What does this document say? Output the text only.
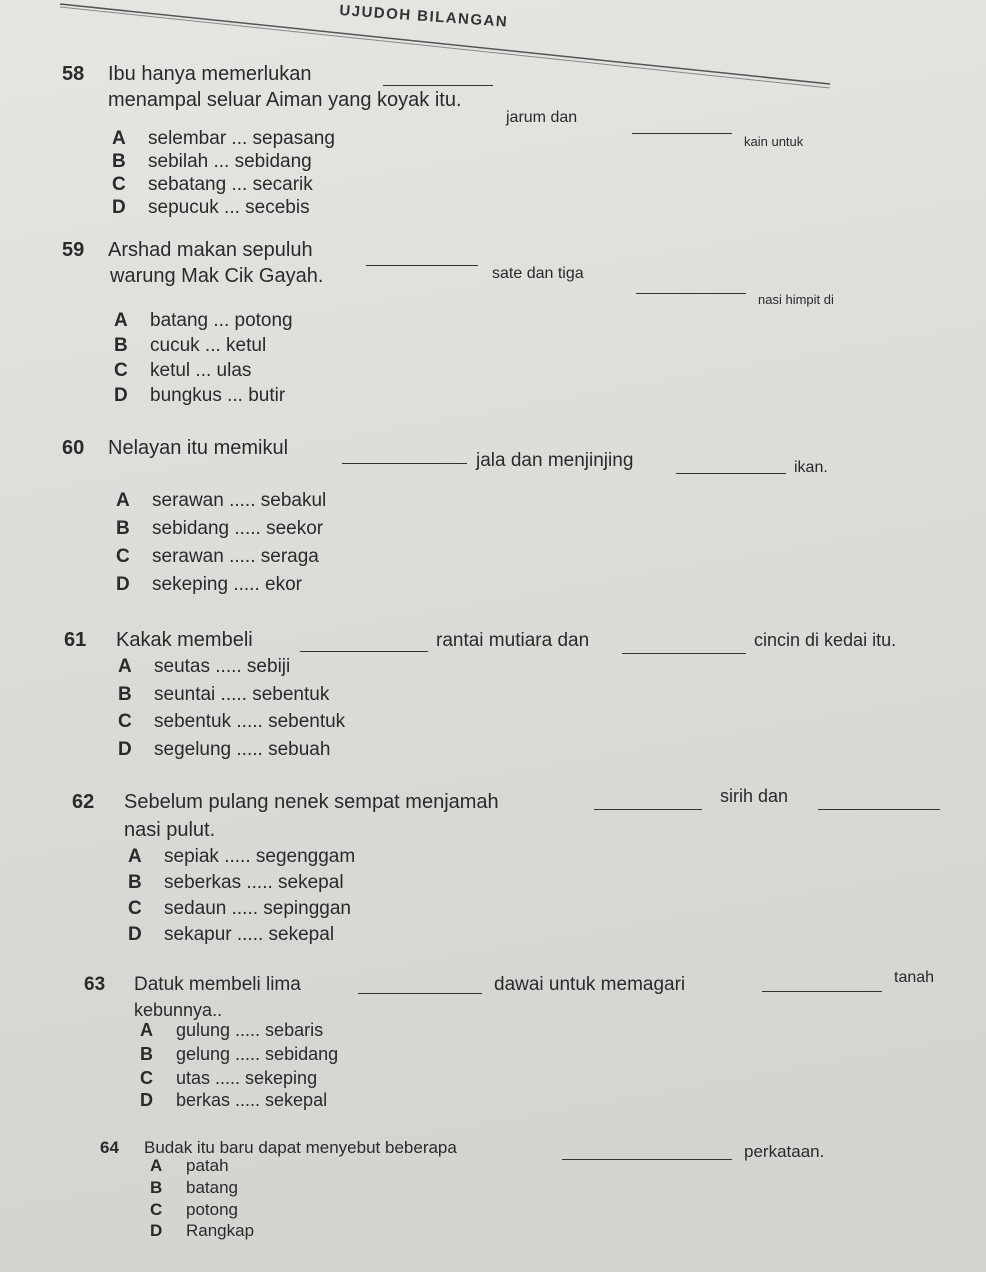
UJUDOH BILANGAN
58 Ibu hanya memerlukan
jarum dan
kain untuk
menampal seluar Aiman yang koyak itu.
A selembar ... sepasang
B sebilah ... sebidang
C sebatang ... secarik
D sepucuk ... secebis
59 Arshad makan sepuluh
sate dan tiga
nasi himpit di
warung Mak Cik Gayah.
A batang ... potong
B cucuk ... ketul
C ketul ... ulas
D bungkus ... butir
60 Nelayan itu memikul
jala dan menjinjing	ikan.
A serawan ..... sebakul
B sebidang ..... seekor
C serawan ..... seraga
D sekeping ..... ekor
61 Kakak membeli	rantai mutiara dan	cincin di kedai itu.
A seutas ..... sebiji
B seuntai ..... sebentuk
C sebentuk ..... sebentuk
D segelung ..... sebuah
62 Sebelum pulang nenek sempat menjamah	sirih dan
nasi pulut.
A sepiak ..... segenggam
B seberkas ..... sekepal
C sedaun ..... sepinggan
D sekapur ..... sekepal
63 Datuk membeli lima	dawai untuk memagari	tanah
kebunnya..
A gulung ..... sebaris
B gelung ..... sebidang
C utas ..... sekeping
D berkas ..... sekepal
64 Budak itu baru dapat menyebut beberapa	perkataan.
A patah
B batang
C potong
D Rangkap
